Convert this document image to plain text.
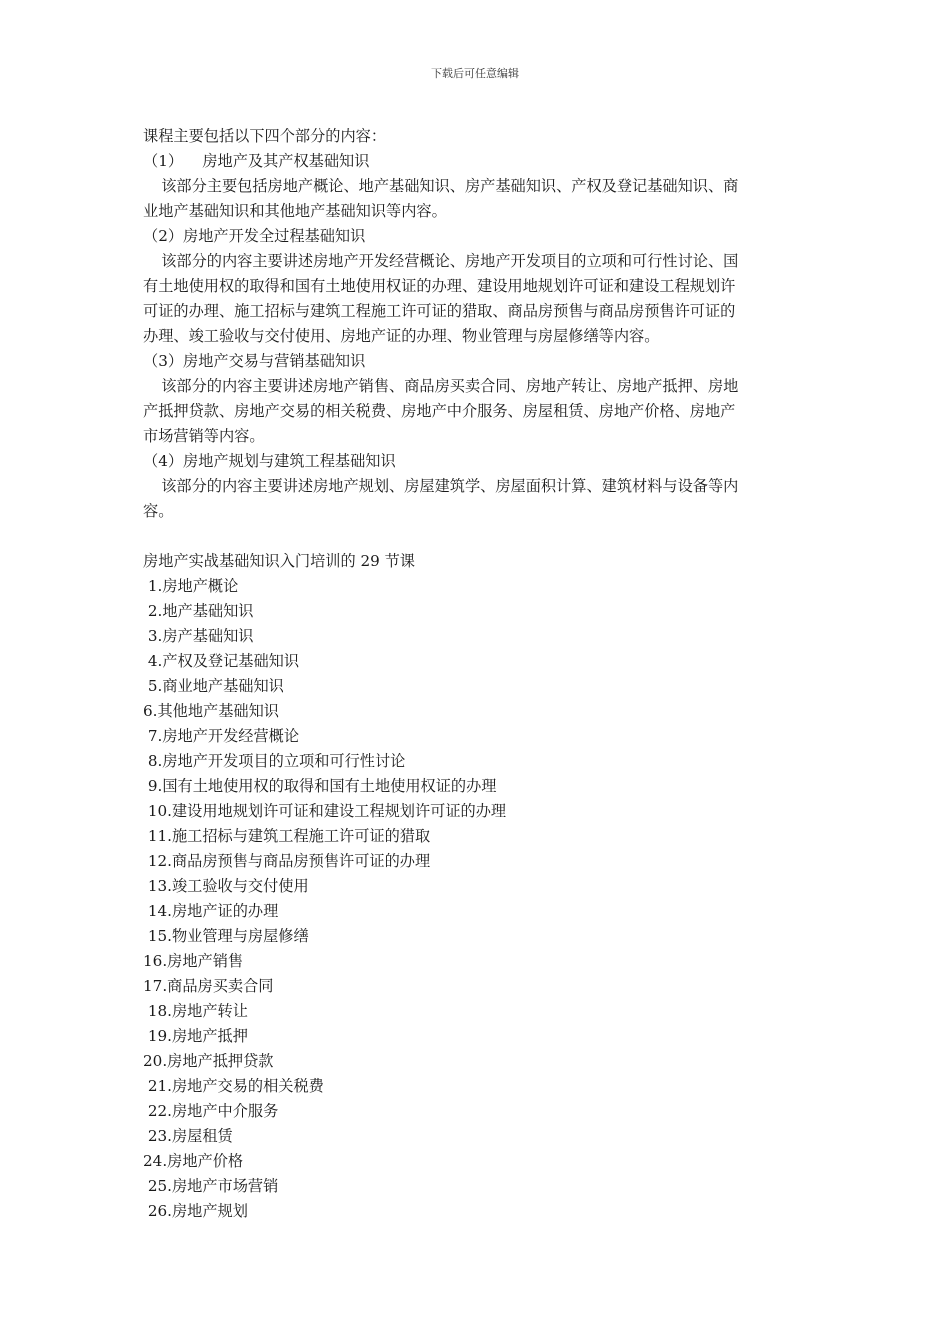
下载后可任意编辑
课程主要包括以下四个部分的内容：
（1）    房地产及其产权基础知识
该部分主要包括房地产概论、地产基础知识、房产基础知识、产权及登记基础知识、商
业地产基础知识和其他地产基础知识等内容。
（2）房地产开发全过程基础知识
该部分的内容主要讲述房地产开发经营概论、房地产开发项目的立项和可行性讨论、国
有土地使用权的取得和国有土地使用权证的办理、建设用地规划许可证和建设工程规划许
可证的办理、施工招标与建筑工程施工许可证的猎取、商品房预售与商品房预售许可证的
办理、竣工验收与交付使用、房地产证的办理、物业管理与房屋修缮等内容。
（3）房地产交易与营销基础知识
该部分的内容主要讲述房地产销售、商品房买卖合同、房地产转让、房地产抵押、房地
产抵押贷款、房地产交易的相关税费、房地产中介服务、房屋租赁、房地产价格、房地产
市场营销等内容。
（4）房地产规划与建筑工程基础知识
该部分的内容主要讲述房地产规划、房屋建筑学、房屋面积计算、建筑材料与设备等内
容。
房地产实战基础知识入门培训的 29 节课
1.房地产概论
2.地产基础知识
3.房产基础知识
4.产权及登记基础知识
5.商业地产基础知识
6.其他地产基础知识
7.房地产开发经营概论
8.房地产开发项目的立项和可行性讨论
9.国有土地使用权的取得和国有土地使用权证的办理
10.建设用地规划许可证和建设工程规划许可证的办理
11.施工招标与建筑工程施工许可证的猎取
12.商品房预售与商品房预售许可证的办理
13.竣工验收与交付使用
14.房地产证的办理
15.物业管理与房屋修缮
16.房地产销售
17.商品房买卖合同
18.房地产转让
19.房地产抵押
20.房地产抵押贷款
21.房地产交易的相关税费
22.房地产中介服务
23.房屋租赁
24.房地产价格
25.房地产市场营销
26.房地产规划
